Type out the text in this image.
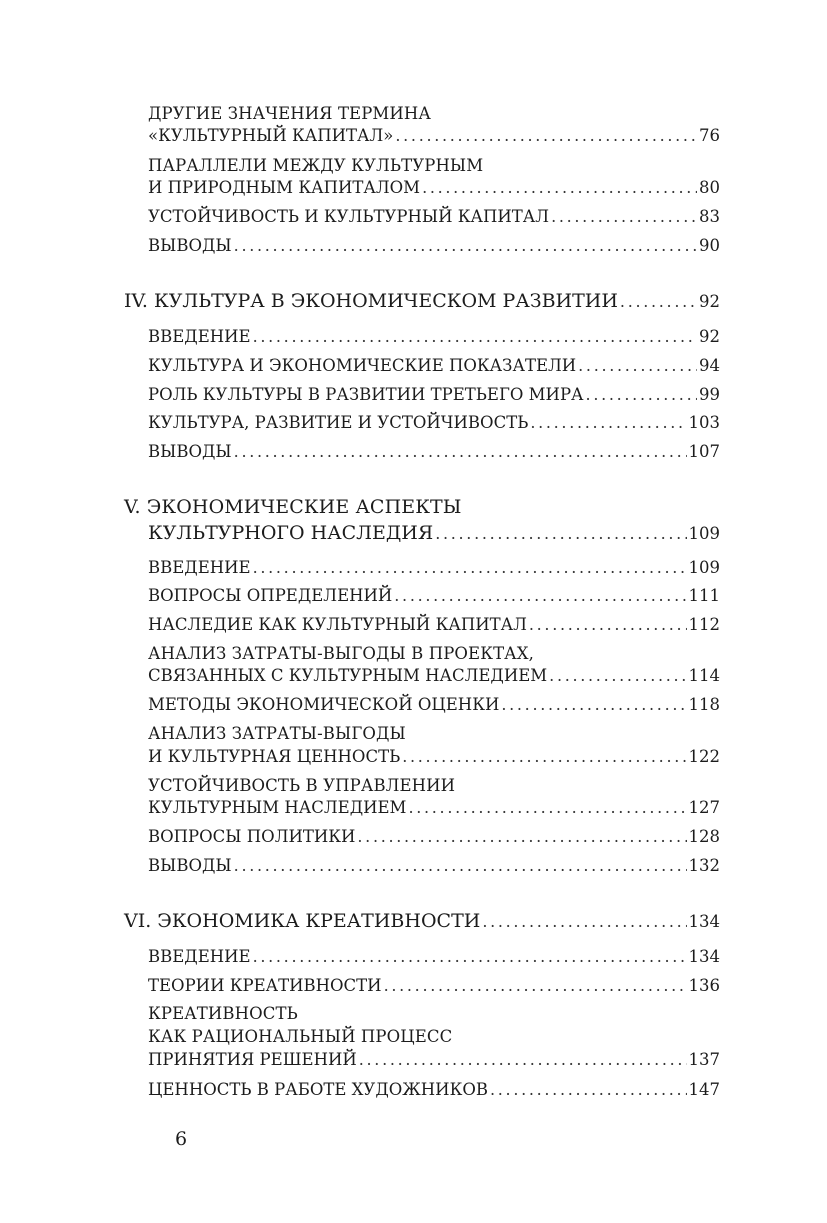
ДРУГИЕ ЗНАЧЕНИЯ ТЕРМИНА
«КУЛЬТУРНЫЙ КАПИТАЛ» . . .	76
ПАРАЛЛЕЛИ МЕЖДУ КУЛЬТУРНЫМ
И ПРИРОДНЫМ КАПИТАЛОМ . . .	80
УСТОЙЧИВОСТЬ И КУЛЬТУРНЫЙ КАПИТАЛ . . .	83
ВЫВОДЫ . . .	90
IV. КУЛЬТУРА В ЭКОНОМИЧЕСКОМ РАЗВИТИИ . . .	92
ВВЕДЕНИЕ . . .	92
КУЛЬТУРА И ЭКОНОМИЧЕСКИЕ ПОКАЗАТЕЛИ . . .	94
РОЛЬ КУЛЬТУРЫ В РАЗВИТИИ ТРЕТЬЕГО МИРА . . .	99
КУЛЬТУРА, РАЗВИТИЕ И УСТОЙЧИВОСТЬ . . .	103
ВЫВОДЫ . . .	107
V. ЭКОНОМИЧЕСКИЕ АСПЕКТЫ
КУЛЬТУРНОГО НАСЛЕДИЯ . . .	109
ВВЕДЕНИЕ . . .	109
ВОПРОСЫ ОПРЕДЕЛЕНИЙ . . .	111
НАСЛЕДИЕ КАК КУЛЬТУРНЫЙ КАПИТАЛ . . .	112
АНАЛИЗ ЗАТРАТЫ-ВЫГОДЫ В ПРОЕКТАХ,
СВЯЗАННЫХ С КУЛЬТУРНЫМ НАСЛЕДИЕМ . . .	114
МЕТОДЫ ЭКОНОМИЧЕСКОЙ ОЦЕНКИ . . .	118
АНАЛИЗ ЗАТРАТЫ-ВЫГОДЫ
И КУЛЬТУРНАЯ ЦЕННОСТЬ . . .	122
УСТОЙЧИВОСТЬ В УПРАВЛЕНИИ
КУЛЬТУРНЫМ НАСЛЕДИЕМ . . .	127
ВОПРОСЫ ПОЛИТИКИ . . .	128
ВЫВОДЫ . . .	132
VI. ЭКОНОМИКА КРЕАТИВНОСТИ . . .	134
ВВЕДЕНИЕ . . .	134
ТЕОРИИ КРЕАТИВНОСТИ . . .	136
КРЕАТИВНОСТЬ
КАК РАЦИОНАЛЬНЫЙ ПРОЦЕСС
ПРИНЯТИЯ РЕШЕНИЙ . . .	137
ЦЕННОСТЬ В РАБОТЕ ХУДОЖНИКОВ . . .	147
6
